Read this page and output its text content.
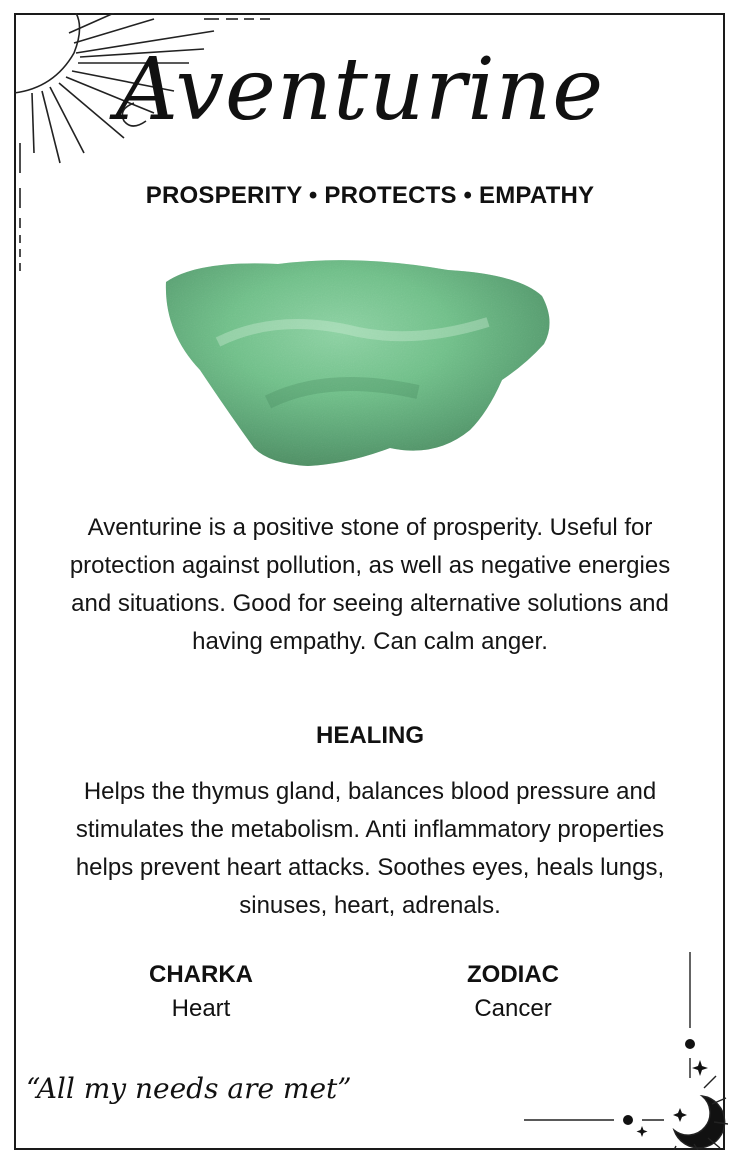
Aventurine
PROSPERITY • PROTECTS • EMPATHY
Aventurine is a positive stone of prosperity. Useful for protection against pollution, as well as negative energies and situations. Good for seeing alternative solutions and having empathy. Can calm anger.
HEALING
Helps the thymus gland, balances blood pressure and stimulates the metabolism. Anti inflammatory properties helps prevent heart attacks. Soothes eyes, heals lungs, sinuses, heart, adrenals.
CHARKA
Heart
ZODIAC
Cancer
“All my needs are met”
